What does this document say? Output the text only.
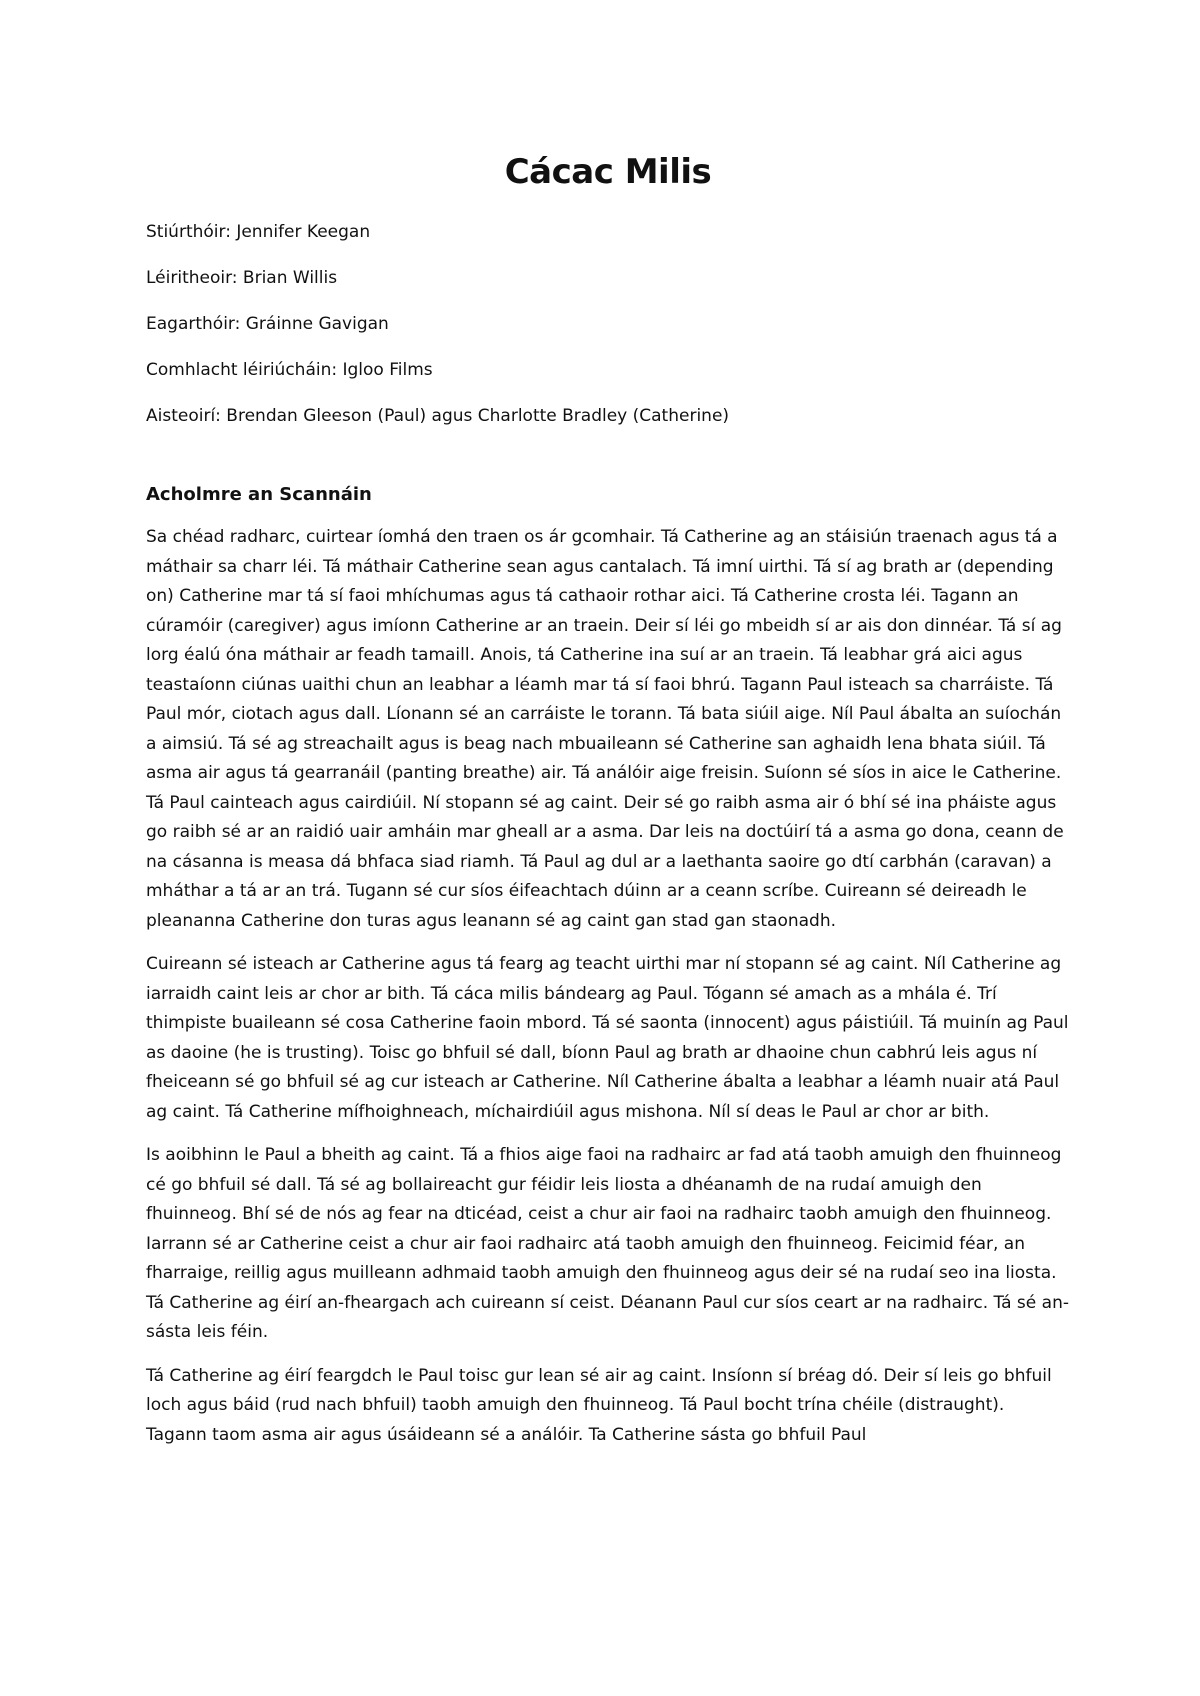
Cácac Milis

Stiúrthóir: Jennifer Keegan

Léiritheoir: Brian Willis

Eagarthóir: Gráinne Gavigan

Comhlacht léiriúcháin: Igloo Films

Aisteoirí: Brendan Gleeson (Paul) agus Charlotte Bradley (Catherine)

Acholmre an Scannáin

Sa chéad radharc, cuirtear íomhá den traen os ár gcomhair. Tá Catherine ag an stáisiún traenach agus tá a máthair sa charr léi. Tá máthair Catherine sean agus cantalach. Tá imní uirthi. Tá sí ag brath ar (depending on) Catherine mar tá sí faoi mhíchumas agus tá cathaoir rothar aici. Tá Catherine crosta léi. Tagann an cúramóir (caregiver) agus imíonn Catherine ar an traein. Deir sí léi go mbeidh sí ar ais don dinnéar. Tá sí ag lorg éalú óna máthair ar feadh tamaill. Anois, tá Catherine ina suí ar an traein. Tá leabhar grá aici agus teastaíonn ciúnas uaithi chun an leabhar a léamh mar tá sí faoi bhrú. Tagann Paul isteach sa charráiste. Tá Paul mór, ciotach agus dall. Líonann sé an carráiste le torann. Tá bata siúil aige. Níl Paul ábalta an suíochán a aimsiú. Tá sé ag streachailt agus is beag nach mbuaileann sé Catherine san aghaidh lena bhata siúil. Tá asma air agus tá gearranáil (panting breathe) air. Tá análóir aige freisin. Suíonn sé síos in aice le Catherine. Tá Paul cainteach agus cairdiúil. Ní stopann sé ag caint. Deir sé go raibh asma air ó bhí sé ina pháiste agus go raibh sé ar an raidió uair amháin mar gheall ar a asma. Dar leis na doctúirí tá a asma go dona, ceann de na cásanna is measa dá bhfaca siad riamh. Tá Paul ag dul ar a laethanta saoire go dtí carbhán (caravan) a mháthar a tá ar an trá. Tugann sé cur síos éifeachtach dúinn ar a ceann scríbe. Cuireann sé deireadh le pleananna Catherine don turas agus leanann sé ag caint gan stad gan staonadh.

Cuireann sé isteach ar Catherine agus tá fearg ag teacht uirthi mar ní stopann sé ag caint. Níl Catherine ag iarraidh caint leis ar chor ar bith. Tá cáca milis bándearg ag Paul. Tógann sé amach as a mhála é. Trí thimpiste buaileann sé cosa Catherine faoin mbord. Tá sé saonta (innocent) agus páistiúil. Tá muinín ag Paul as daoine (he is trusting). Toisc go bhfuil sé dall, bíonn Paul ag brath ar dhaoine chun cabhrú leis agus ní fheiceann sé go bhfuil sé ag cur isteach ar Catherine. Níl Catherine ábalta a leabhar a léamh nuair atá Paul ag caint. Tá Catherine mífhoighneach, míchairdiúil agus mishona. Níl sí deas le Paul ar chor ar bith.

Is aoibhinn le Paul a bheith ag caint. Tá a fhios aige faoi na radhairc ar fad atá taobh amuigh den fhuinneog cé go bhfuil sé dall. Tá sé ag bollaireacht gur féidir leis liosta a dhéanamh de na rudaí amuigh den fhuinneog. Bhí sé de nós ag fear na dticéad, ceist a chur air faoi na radhairc taobh amuigh den fhuinneog. Iarrann sé ar Catherine ceist a chur air faoi radhairc atá taobh amuigh den fhuinneog. Feicimid féar, an fharraige, reillig agus muilleann adhmaid taobh amuigh den fhuinneog agus deir sé na rudaí seo ina liosta. Tá Catherine ag éirí an-fheargach ach cuireann sí ceist. Déanann Paul cur síos ceart ar na radhairc. Tá sé an-sásta leis féin.

Tá Catherine ag éirí feargdch le Paul toisc gur lean sé air ag caint. Insíonn sí bréag dó. Deir sí leis go bhfuil loch agus báid (rud nach bhfuil) taobh amuigh den fhuinneog. Tá Paul bocht trína chéile (distraught). Tagann taom asma air agus úsáideann sé a análóir. Ta Catherine sásta go bhfuil Paul
